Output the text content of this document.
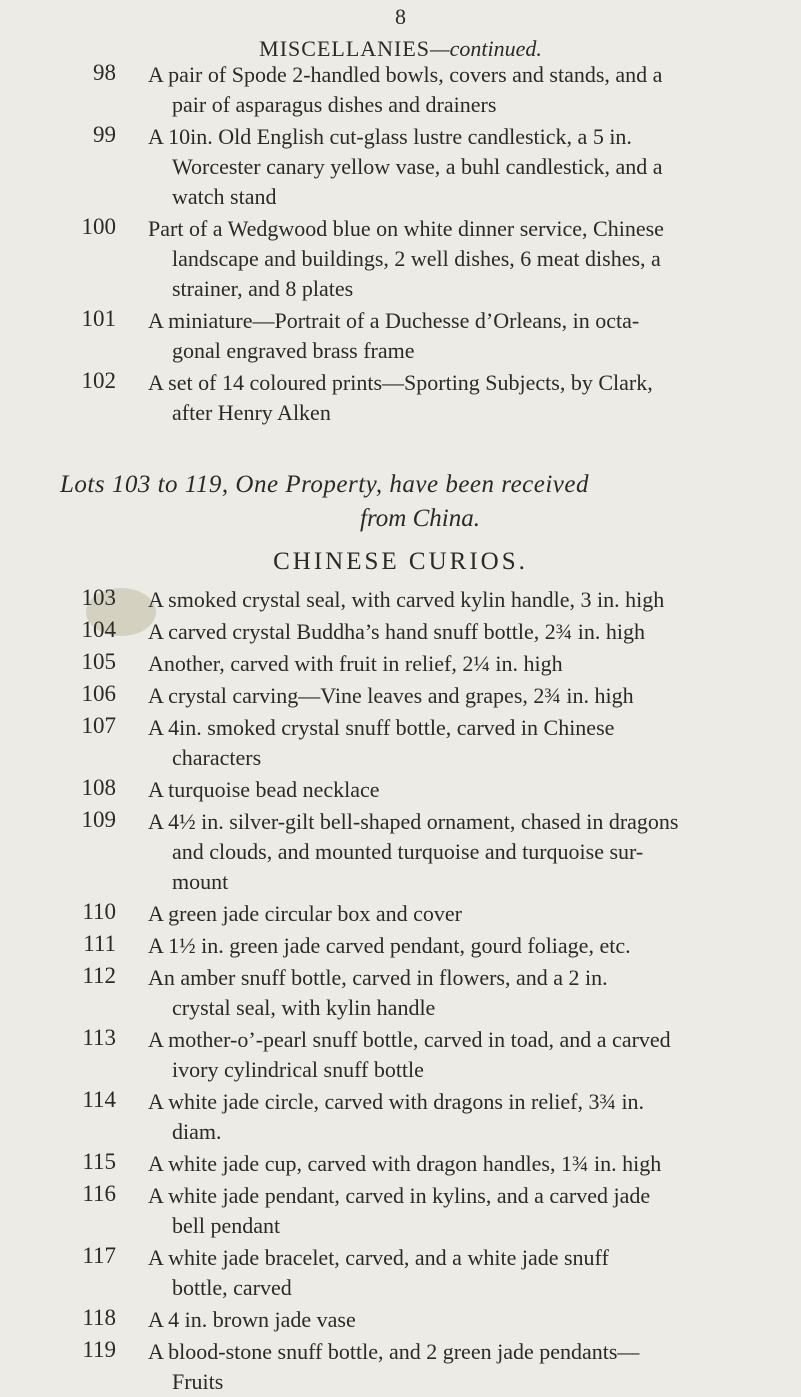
8
MISCELLANIES—continued.
98 A pair of Spode 2-handled bowls, covers and stands, and a
pair of asparagus dishes and drainers
99 A 10in. Old English cut-glass lustre candlestick, a 5 in.
Worcester canary yellow vase, a buhl candlestick, and a
watch stand
100 Part of a Wedgwood blue on white dinner service, Chinese
landscape and buildings, 2 well dishes, 6 meat dishes, a
strainer, and 8 plates
101 A miniature—Portrait of a Duchesse d’Orleans, in octa-
gonal engraved brass frame
102 A set of 14 coloured prints—Sporting Subjects, by Clark,
after Henry Alken
Lots 103 to 119, One Property, have been received
from China.
CHINESE CURIOS.
103 A smoked crystal seal, with carved kylin handle, 3 in. high
104 A carved crystal Buddha’s hand snuff bottle, 2¾ in. high
105 Another, carved with fruit in relief, 2¼ in. high
106 A crystal carving—Vine leaves and grapes, 2¾ in. high
107 A 4in. smoked crystal snuff bottle, carved in Chinese
characters
108 A turquoise bead necklace
109 A 4½ in. silver-gilt bell-shaped ornament, chased in dragons
and clouds, and mounted turquoise and turquoise sur-
mount
110 A green jade circular box and cover
111 A 1½ in. green jade carved pendant, gourd foliage, etc.
112 An amber snuff bottle, carved in flowers, and a 2 in.
crystal seal, with kylin handle
113 A mother-o’-pearl snuff bottle, carved in toad, and a carved
ivory cylindrical snuff bottle
114 A white jade circle, carved with dragons in relief, 3¾ in.
diam.
115 A white jade cup, carved with dragon handles, 1¾ in. high
116 A white jade pendant, carved in kylins, and a carved jade
bell pendant
117 A white jade bracelet, carved, and a white jade snuff
bottle, carved
118 A 4 in. brown jade vase
119 A blood-stone snuff bottle, and 2 green jade pendants—
Fruits
